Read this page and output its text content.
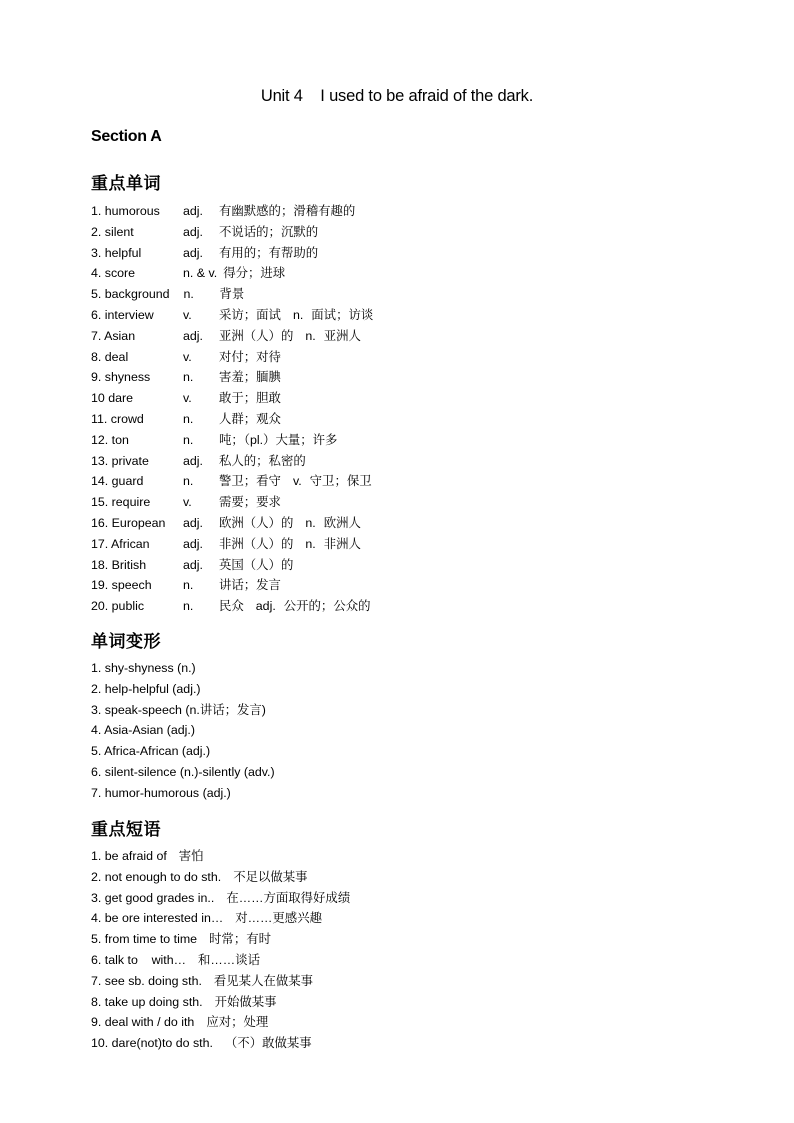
Unit 4    I used to be afraid of the dark.
Section A
重点单词
1. humorous adj. 有幽默感的；滑稽有趣的
2. silent	adj. 不说话的；沉默的
3. helpful	adj. 有用的；有帮助的
4. score	n. & v. 得分；进球
5. background n. 背景
6. interview v. 采访；面试 n. 面试；访谈
7. Asian	adj. 亚洲（人）的 n. 亚洲人
8. deal	v. 对付；对待
9. shyness	n. 害羞；腼腆
10 dare	v. 敢于；胆敢
11. crowd	n. 人群；观众
12. ton	n. 吨；（pl.）大量；许多
13. private	adj. 私人的；私密的
14. guard	n. 警卫；看守 v. 守卫；保卫
15. require	v. 需要；要求
16. European adj. 欧洲（人）的 n. 欧洲人
17. African	adj. 非洲（人）的 n. 非洲人
18. British	adj. 英国（人）的
19. speech	n. 讲话；发言
20. public	n. 民众 adj. 公开的；公众的
单词变形
1. shy-shyness (n.)
2. help-helpful (adj.)
3. speak-speech (n.讲话；发言)
4. Asia-Asian (adj.)
5. Africa-African (adj.)
6. silent-silence (n.)-silently (adv.)
7. humor-humorous (adj.)
重点短语
1. be afraid of 害怕
2. not enough to do sth. 不足以做某事
3. get good grades in.. 在……方面取得好成绩
4. be ore interested in… 对……更感兴趣
5. from time to time 时常；有时
6. talk to    with… 和……谈话
7. see sb. doing sth. 看见某人在做某事
8. take up doing sth. 开始做某事
9. deal with / do ith 应对；处理
10. dare(not)to do sth. （不）敢做某事
